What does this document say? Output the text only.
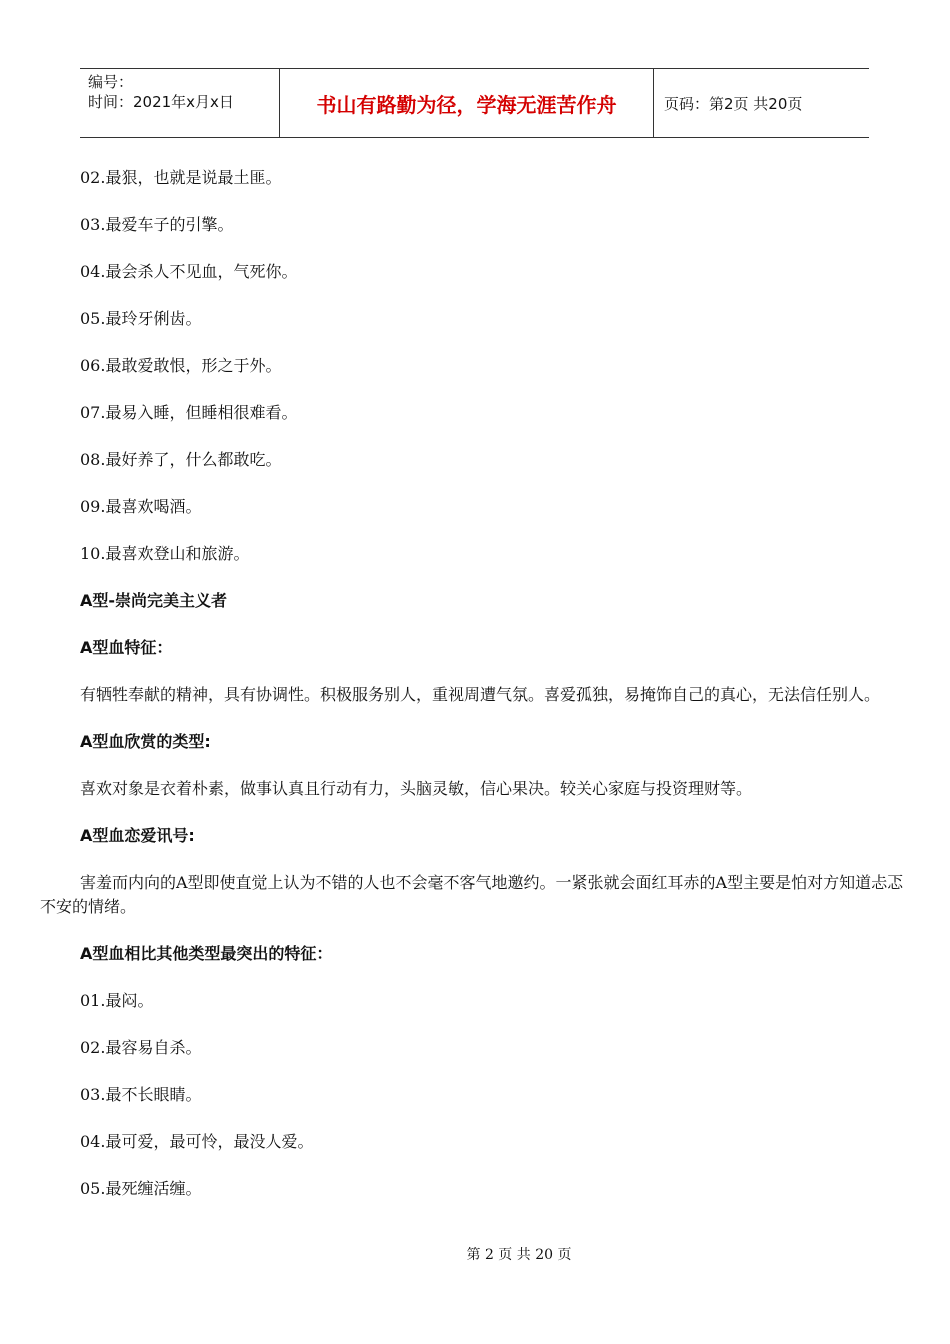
编号：
时间：2021年x月x日	书山有路勤为径，学海无涯苦作舟	页码：第2页 共20页

02.最狠，也就是说最土匪。

03.最爱车子的引擎。

04.最会杀人不见血，气死你。

05.最玲牙俐齿。

06.最敢爱敢恨，形之于外。

07.最易入睡，但睡相很难看。

08.最好养了，什么都敢吃。

09.最喜欢喝酒。

10.最喜欢登山和旅游。

A型-崇尚完美主义者

A型血特征：

有牺牲奉献的精神，具有协调性。积极服务别人，重视周遭气氛。喜爱孤独，易掩饰自己的真心，无法信任别人。

A型血欣赏的类型:

喜欢对象是衣着朴素，做事认真且行动有力，头脑灵敏，信心果决。较关心家庭与投资理财等。

A型血恋爱讯号:

害羞而内向的A型即使直觉上认为不错的人也不会毫不客气地邀约。一紧张就会面红耳赤的A型主要是怕对方知道忐忑不安的情绪。

A型血相比其他类型最突出的特征：

01.最闷。

02.最容易自杀。

03.最不长眼睛。

04.最可爱，最可怜，最没人爱。

05.最死缠活缠。

第 2 页 共 20 页
